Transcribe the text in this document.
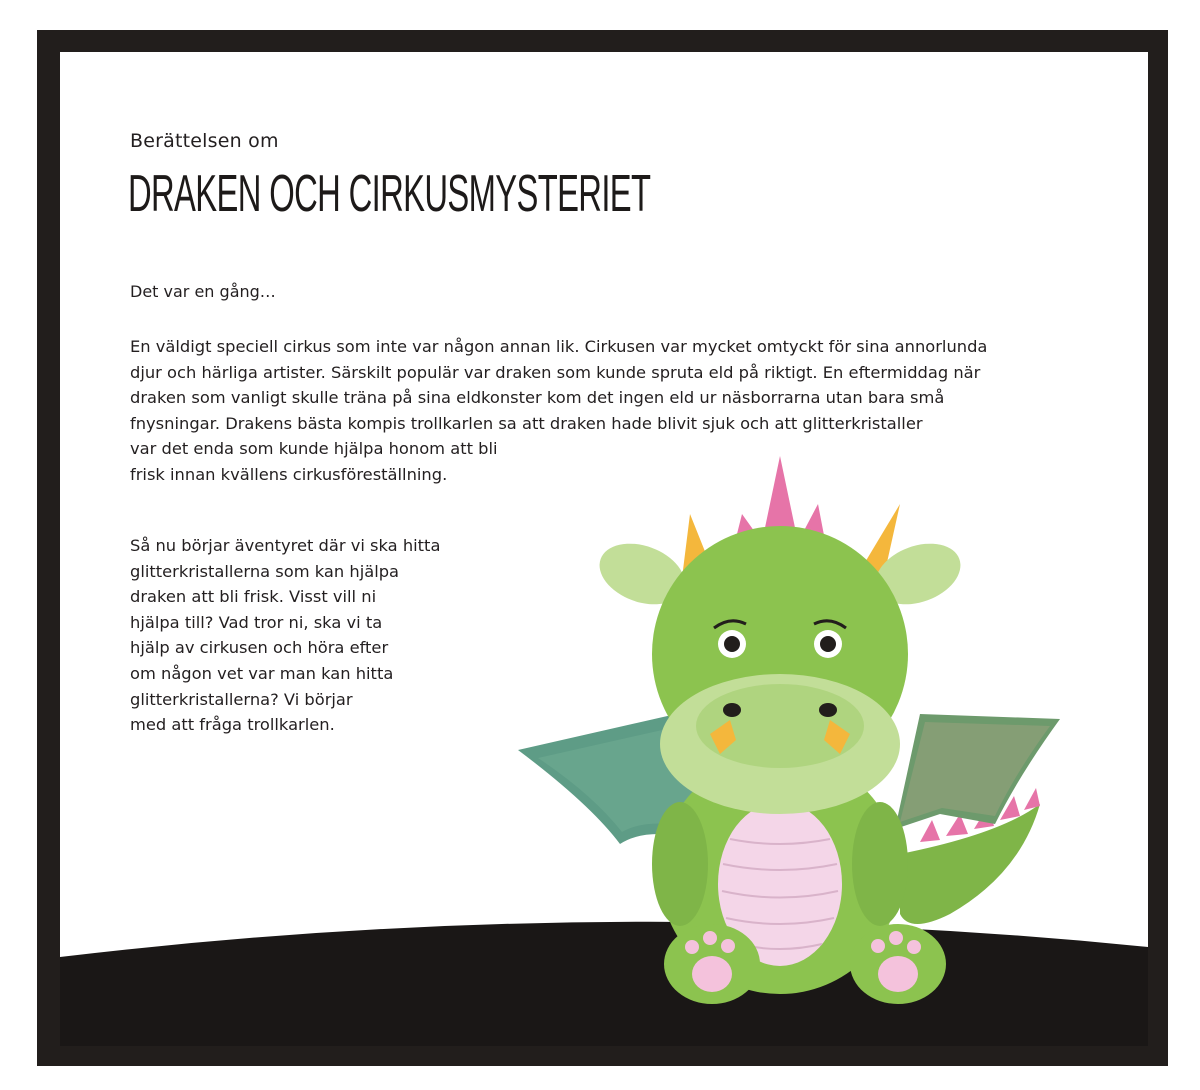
Berättelsen om
DRAKEN OCH CIRKUSMYSTERIET
Det var en gång…
En väldigt speciell cirkus som inte var någon annan lik. Cirkusen var mycket omtyckt för sina annorlunda
djur och härliga artister. Särskilt populär var draken som kunde spruta eld på riktigt. En eftermiddag när
draken som vanligt skulle träna på sina eldkonster kom det ingen eld ur näsborrarna utan bara små
fnysningar. Drakens bästa kompis trollkarlen sa att draken hade blivit sjuk och att glitterkristaller
var det enda som kunde hjälpa honom att bli
frisk innan kvällens cirkusföreställning.
Så nu börjar äventyret där vi ska hitta
glitterkristallerna som kan hjälpa
draken att bli frisk. Visst vill ni
hjälpa till? Vad tror ni, ska vi ta
hjälp av cirkusen och höra efter
om någon vet var man kan hitta
glitterkristallerna? Vi börjar
med att fråga trollkarlen.
